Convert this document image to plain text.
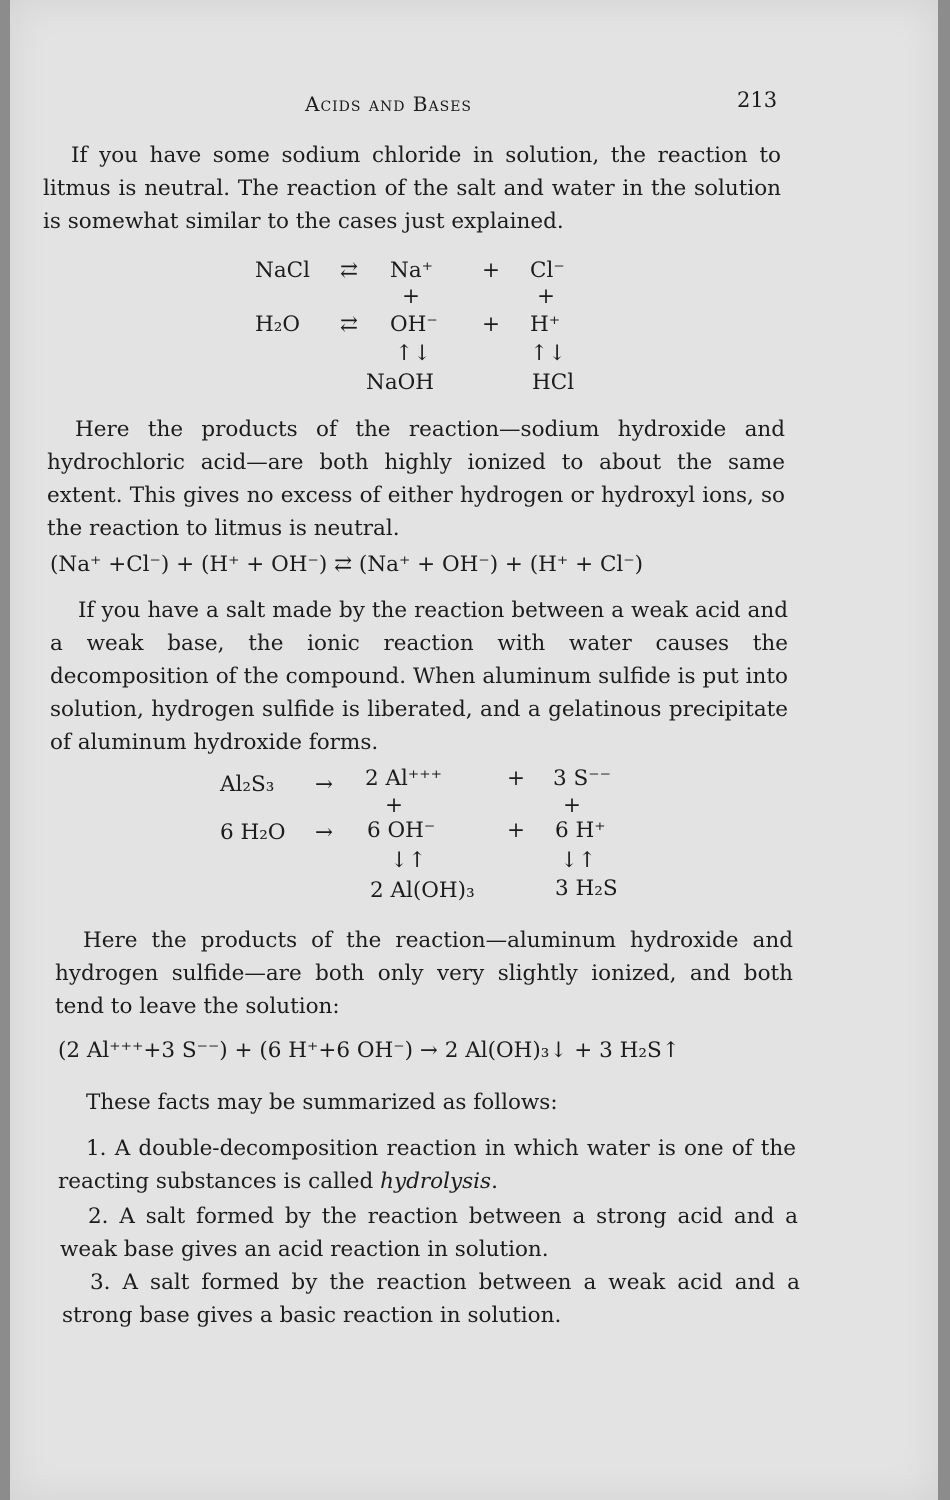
Acids and Bases	213

If you have some sodium chloride in solution, the reaction to litmus is neutral. The reaction of the salt and water in the solution is somewhat similar to the cases just explained.

NaCl ⇄ Na⁺ + Cl⁻
+	+
H₂O ⇄ OH⁻ + H⁺
↑↓	↑↓
NaOH	HCl

Here the products of the reaction—sodium hydroxide and hydrochloric acid—are both highly ionized to about the same extent. This gives no excess of either hydrogen or hydroxyl ions, so the reaction to litmus is neutral.

(Na⁺ +Cl⁻) + (H⁺ + OH⁻) ⇄ (Na⁺ + OH⁻) + (H⁺ + Cl⁻)

If you have a salt made by the reaction between a weak acid and a weak base, the ionic reaction with water causes the decomposition of the compound. When aluminum sulfide is put into solution, hydrogen sulfide is liberated, and a gelatinous precipitate of aluminum hydroxide forms.

Al₂S₃ → 2 Al⁺⁺⁺	+ 3 S⁻⁻
+	+
6 H₂O → 6 OH⁻	+ 6 H⁺
↓↑	↓↑
2 Al(OH)₃	3 H₂S

Here the products of the reaction—aluminum hydroxide and hydrogen sulfide—are both only very slightly ionized, and both tend to leave the solution:

(2 Al⁺⁺⁺+3 S⁻⁻) + (6 H⁺+6 OH⁻) → 2 Al(OH)₃↓ + 3 H₂S↑

These facts may be summarized as follows:

1. A double-decomposition reaction in which water is one of the reacting substances is called hydrolysis.

2. A salt formed by the reaction between a strong acid and a weak base gives an acid reaction in solution.

3. A salt formed by the reaction between a weak acid and a strong base gives a basic reaction in solution.
